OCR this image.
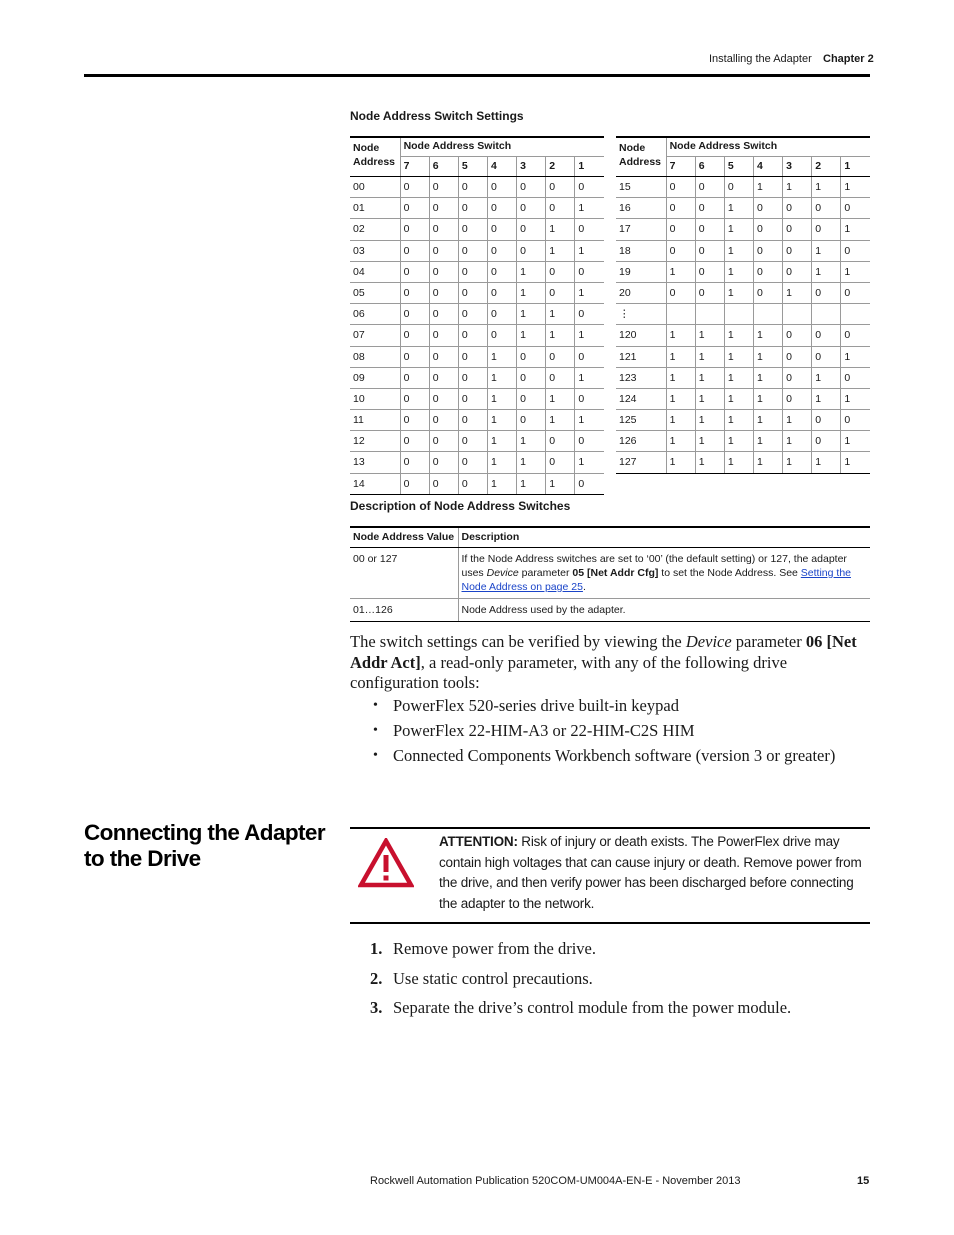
Installing the Adapter Chapter 2
Node Address Switch Settings
Node Address	Node Address Switch						
	7	6	5	4	3	2	1
00	0	0	0	0	0	0	0
01	0	0	0	0	0	0	1
02	0	0	0	0	0	1	0
03	0	0	0	0	0	1	1
04	0	0	0	0	1	0	0
05	0	0	0	0	1	0	1
06	0	0	0	0	1	1	0
07	0	0	0	0	1	1	1
08	0	0	0	1	0	0	0
09	0	0	0	1	0	0	1
10	0	0	0	1	0	1	0
11	0	0	0	1	0	1	1
12	0	0	0	1	1	0	0
13	0	0	0	1	1	0	1
14	0	0	0	1	1	1	0
Node Address	Node Address Switch						
	7	6	5	4	3	2	1
15	0	0	0	1	1	1	1
16	0	0	1	0	0	0	0
17	0	0	1	0	0	0	1
18	0	0	1	0	0	1	0
19	1	0	1	0	0	1	1
20	0	0	1	0	1	0	0
⋮							
120	1	1	1	1	0	0	0
121	1	1	1	1	0	0	1
123	1	1	1	1	0	1	0
124	1	1	1	1	0	1	1
125	1	1	1	1	1	0	0
126	1	1	1	1	1	0	1
127	1	1	1	1	1	1	1
Description of Node Address Switches
Node Address Value	Description
00 or 127	If the Node Address switches are set to ‘00’ (the default setting) or 127, the adapter uses Device parameter 05 [Net Addr Cfg] to set the Node Address. See Setting the Node Address on page 25.
01…126	Node Address used by the adapter.
The switch settings can be verified by viewing the Device parameter 06 [Net Addr Act], a read-only parameter, with any of the following drive configuration tools:
• PowerFlex 520-series drive built-in keypad
• PowerFlex 22-HIM-A3 or 22-HIM-C2S HIM
• Connected Components Workbench software (version 3 or greater)
Connecting the Adapter to the Drive
ATTENTION: Risk of injury or death exists. The PowerFlex drive may contain high voltages that can cause injury or death. Remove power from the drive, and then verify power has been discharged before connecting the adapter to the network.
1. Remove power from the drive.
2. Use static control precautions.
3. Separate the drive’s control module from the power module.
Rockwell Automation Publication 520COM-UM004A-EN-E - November 2013	15
